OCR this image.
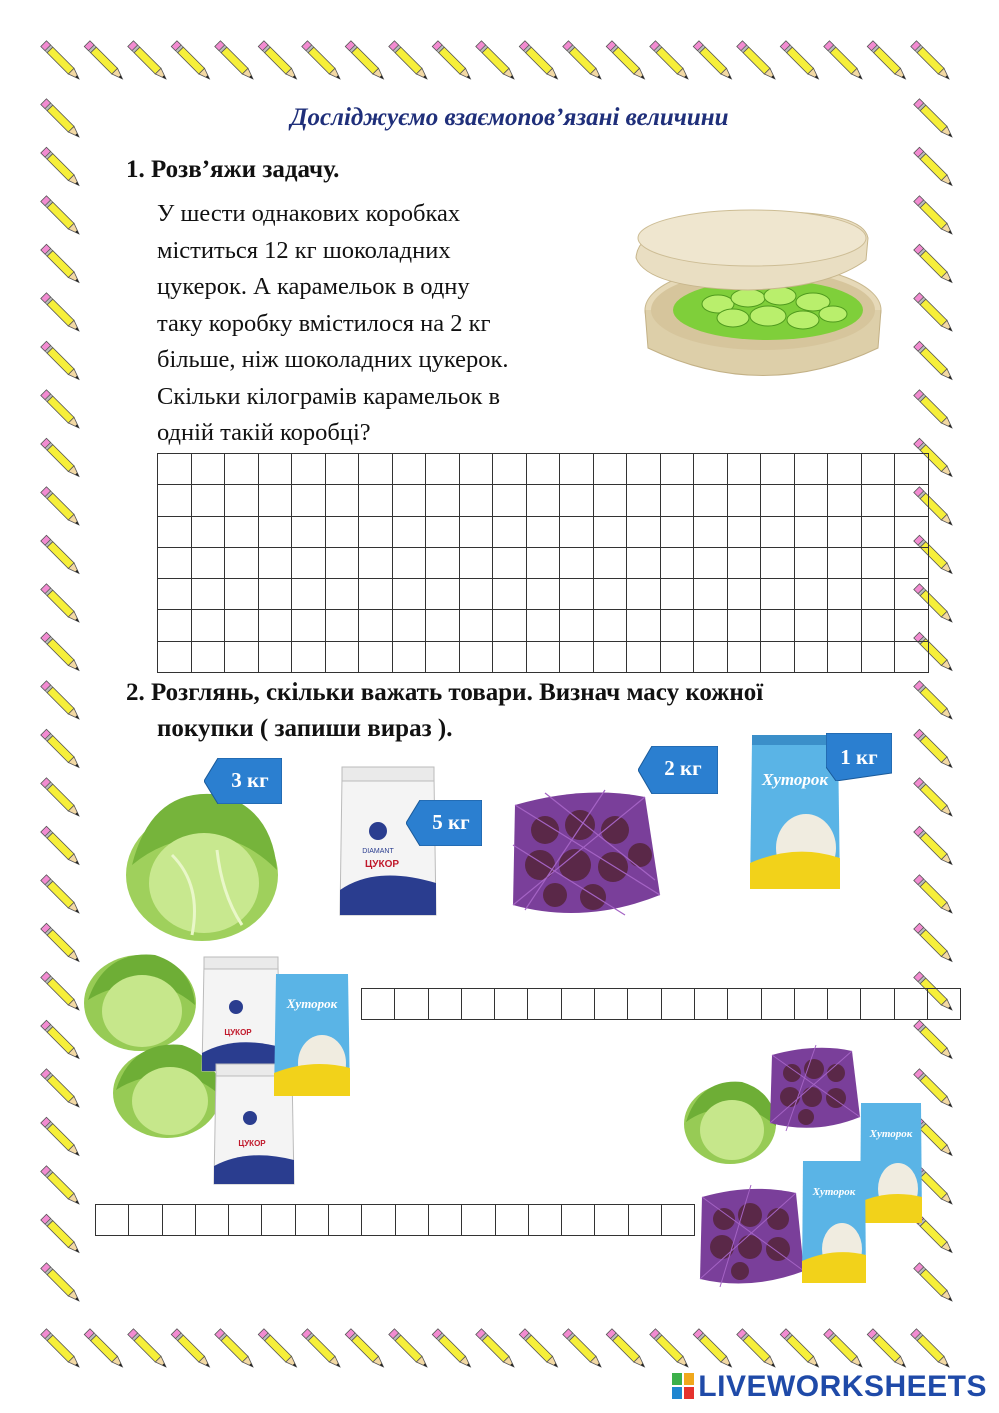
Досліджуємо взаємопов’язані величини
1. Розв’яжи задачу.
У шести однакових коробках
міститься 12 кг шоколадних
цукерок. А карамельок в одну
таку коробку вмістилося на 2 кг
більше, ніж шоколадних цукерок.
Скільки кілограмів карамельок в
одній такій коробці?

2. Розглянь, скільки важать товари. Визнач масу кожної
покупки ( запиши вираз ).
DIAMANT
ЦУКОР
Хуторок
3 кг
5 кг
2 кг	1 кг
ЦУКОР
ЦУКОР
Хуторок

Хуторок
Хуторок

LIVEWORKSHEETS
